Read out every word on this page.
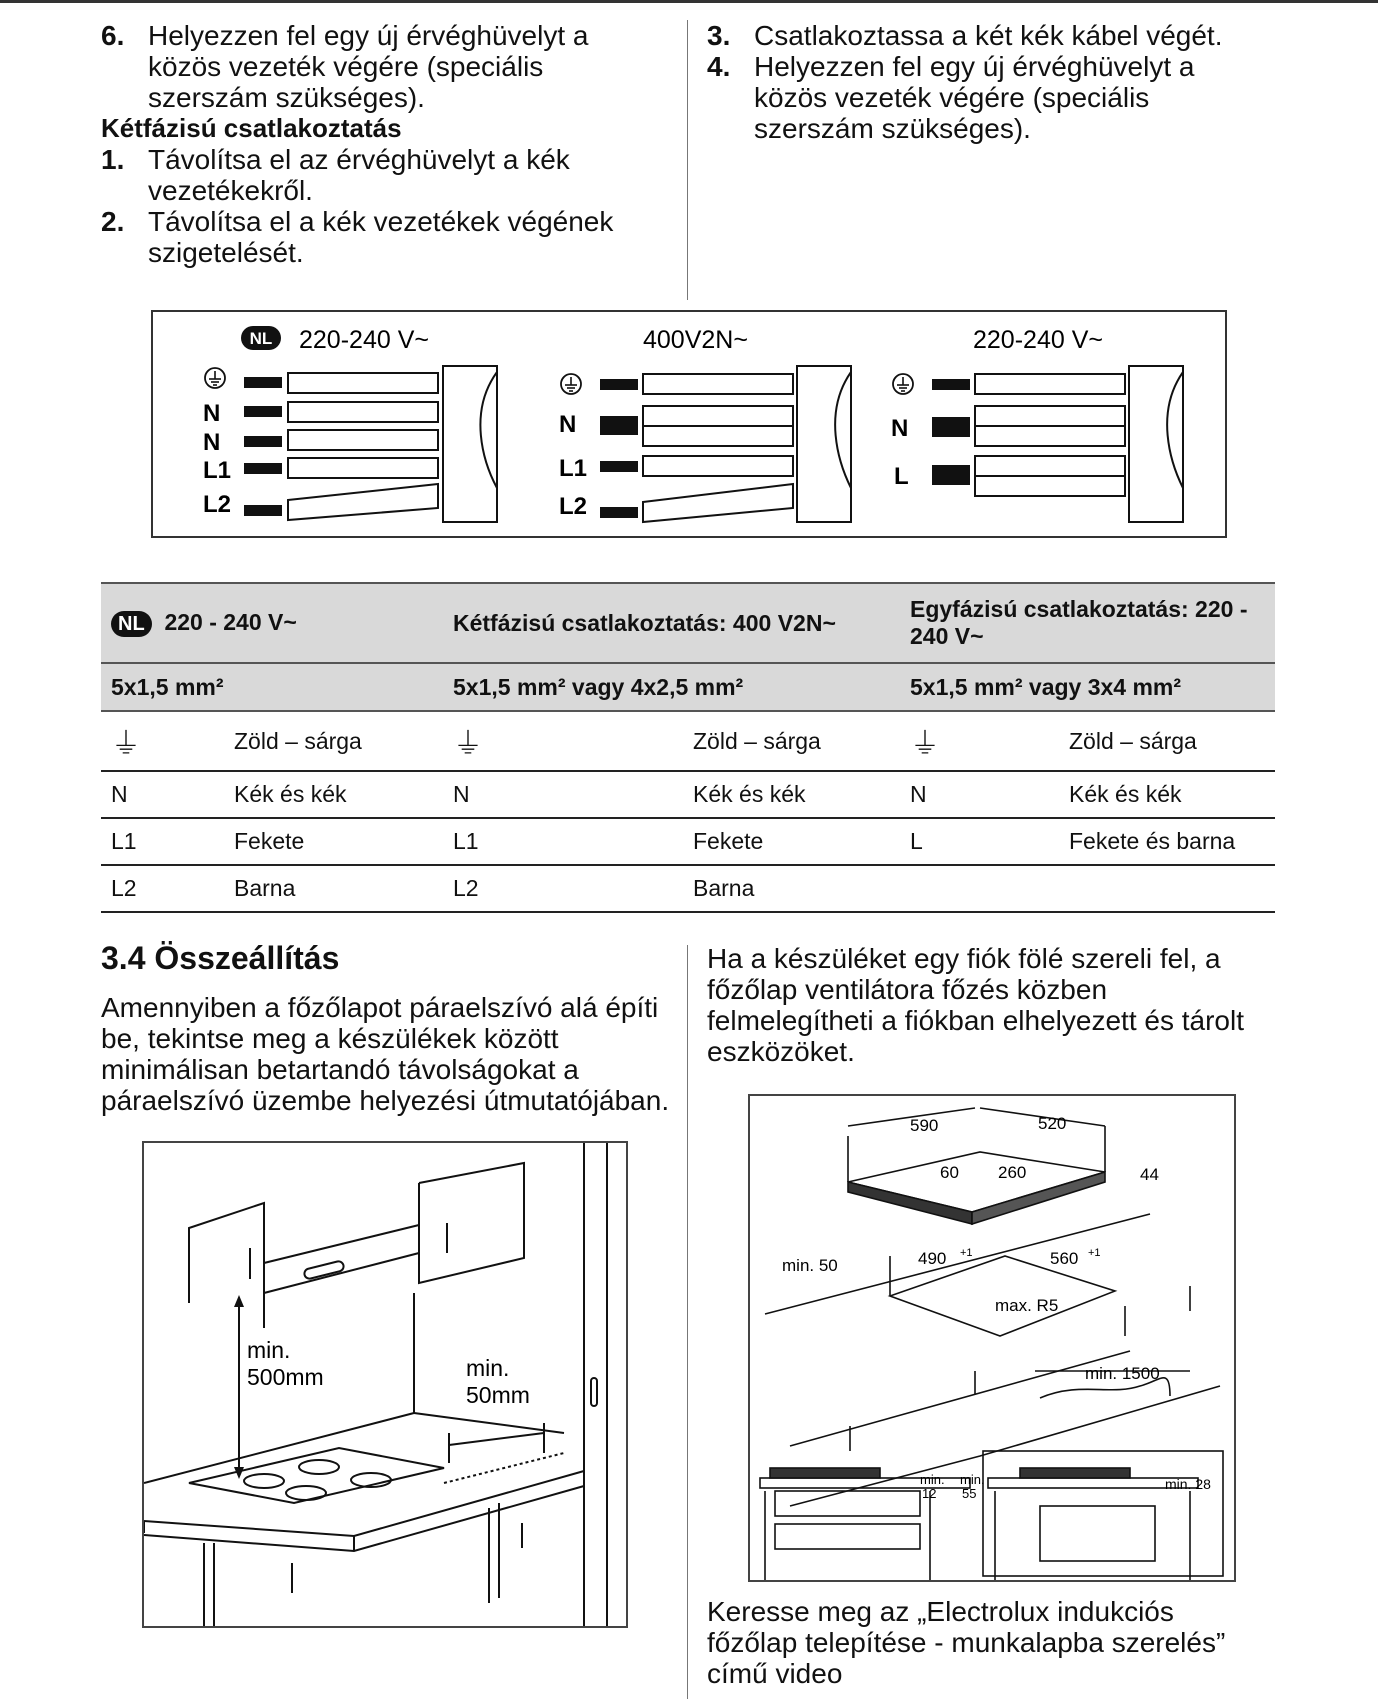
6. Helyezzen fel egy új érvéghüvelyt a közös vezeték végére (speciális szerszám szükséges).
Kétfázisú csatlakoztatás
1. Távolítsa el az érvéghüvelyt a kék vezetékekről.
2. Távolítsa el a kék vezetékek végének szigetelését.
3. Csatlakoztassa a két kék kábel végét.
4. Helyezzen fel egy új érvéghüvelyt a közös vezeték végére (speciális szerszám szükséges).
NL 220-240 V~
N
N
L1
L2
400V2N~
N
L1
L2
220-240 V~
N
L
NL 220 - 240 V~		Kétfázisú csatlakoztatás: 400 V2N~		Egyfázisú csatlakoztatás: 220 - 240 V~	
5x1,5 mm²		5x1,5 mm² vagy 4x2,5 mm²		5x1,5 mm² vagy 3x4 mm²	
⏚	Zöld – sárga	⏚	Zöld – sárga	⏚	Zöld – sárga
N	Kék és kék	N	Kék és kék	N	Kék és kék
L1	Fekete	L1	Fekete	L	Fekete és barna
L2	Barna	L2	Barna		
3.4 Összeállítás
Amennyiben a főzőlapot páraelszívó alá építi be, tekintse meg a készülékek között minimálisan betartandó távolságokat a páraelszívó üzembe helyezési útmutatójában.
Ha a készüléket egy fiók fölé szereli fel, a főzőlap ventilátora főzés közben felmelegítheti a fiókban elhelyezett és tárolt eszközöket.
min.
500mm	min.
50mm
590	520
60 260	44
min. 50	490 +1	560 +1
max. R5
min. 1500
min.
12
min.
55
min. 28
Keresse meg az „Electrolux indukciós főzőlap telepítése - munkalapba szerelés” című video
